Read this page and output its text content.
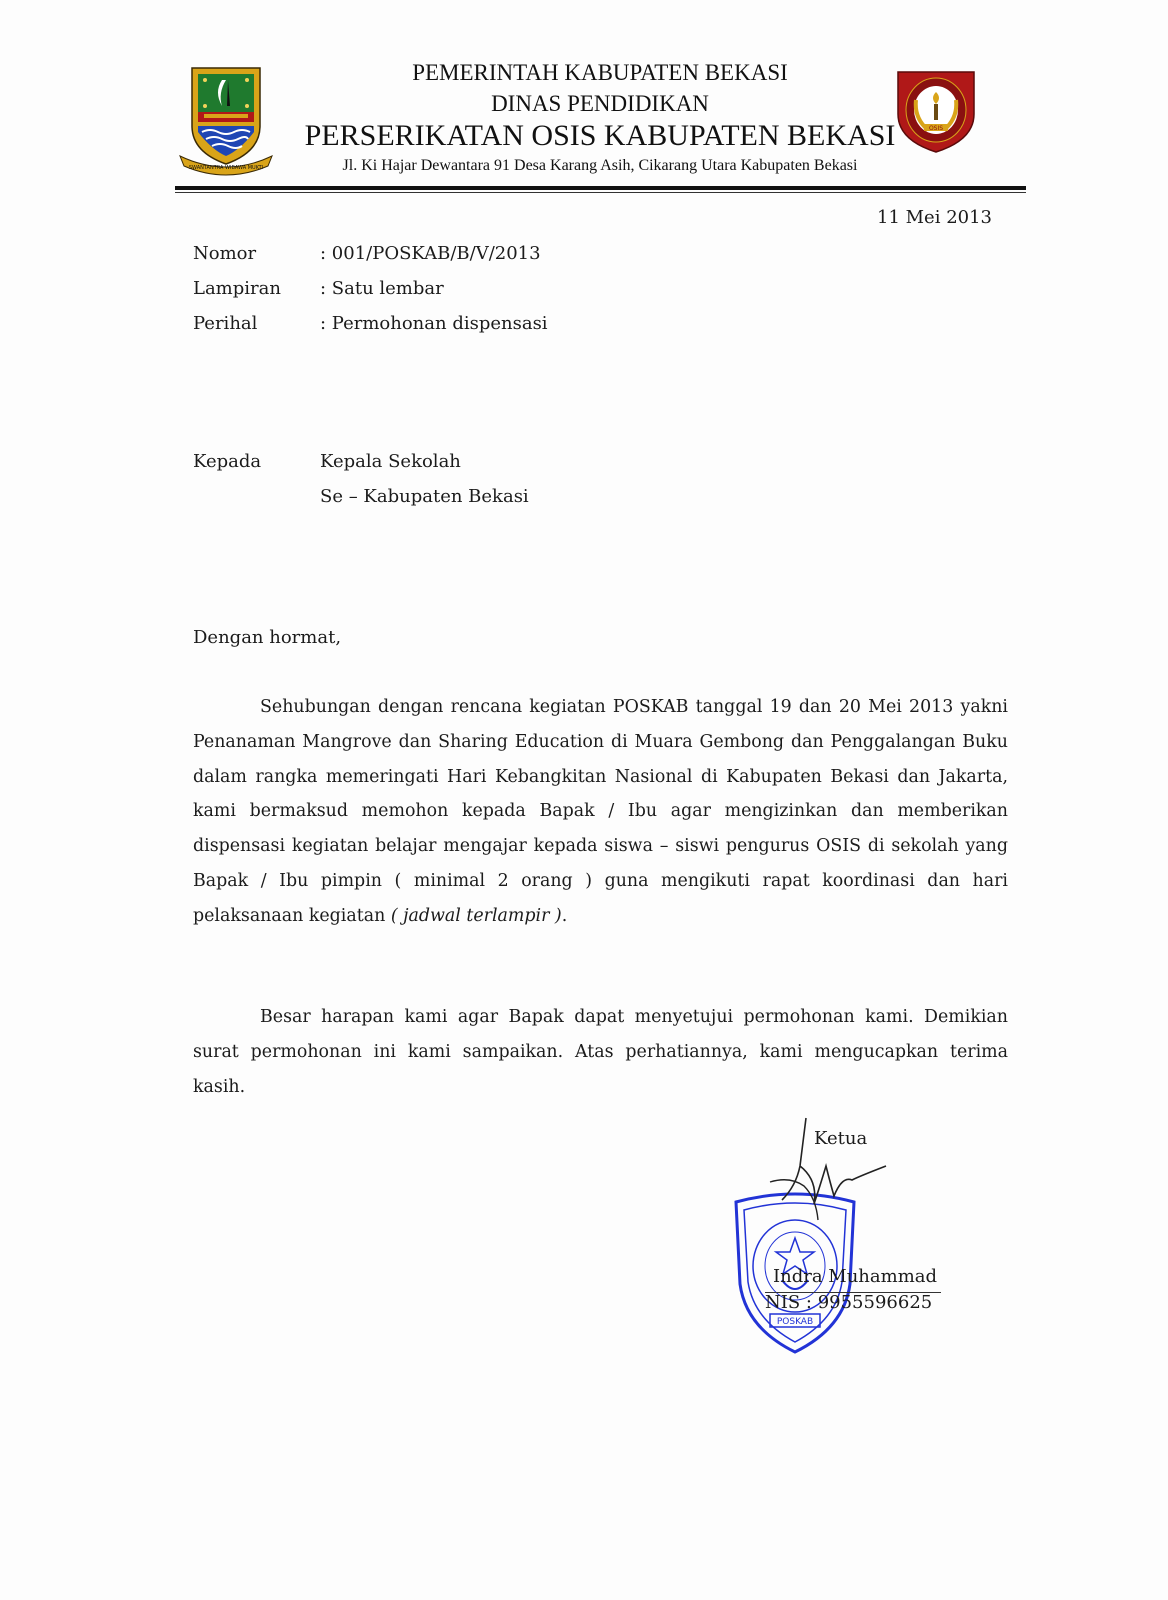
SWANTANTRA WIBAWA MUKTI
OSIS
PEMERINTAH KABUPATEN BEKASI
DINAS PENDIDIKAN
PERSERIKATAN OSIS KABUPATEN BEKASI
Jl. Ki Hajar Dewantara 91 Desa Karang Asih, Cikarang Utara Kabupaten Bekasi
11 Mei 2013
Nomor	: 001/POSKAB/B/V/2013
Lampiran : Satu lembar
Perihal	: Permohonan dispensasi
Kepada	Kepala Sekolah
Se – Kabupaten Bekasi
Dengan hormat,
Sehubungan dengan rencana kegiatan POSKAB tanggal 19 dan 20 Mei 2013 yakni Penanaman Mangrove dan Sharing Education di Muara Gembong dan Penggalangan Buku dalam rangka memeringati Hari Kebangkitan Nasional di Kabupaten Bekasi dan Jakarta, kami bermaksud memohon kepada Bapak / Ibu agar mengizinkan dan memberikan dispensasi kegiatan belajar mengajar kepada siswa – siswi pengurus OSIS di sekolah yang Bapak / Ibu pimpin ( minimal 2 orang ) guna mengikuti rapat koordinasi dan hari pelaksanaan kegiatan ( jadwal terlampir ).
Besar harapan kami agar Bapak dapat menyetujui permohonan kami. Demikian surat permohonan ini kami sampaikan. Atas perhatiannya, kami mengucapkan terima kasih.
POSKAB
Ketua
Indra Muhammad
NIS : 9955596625
